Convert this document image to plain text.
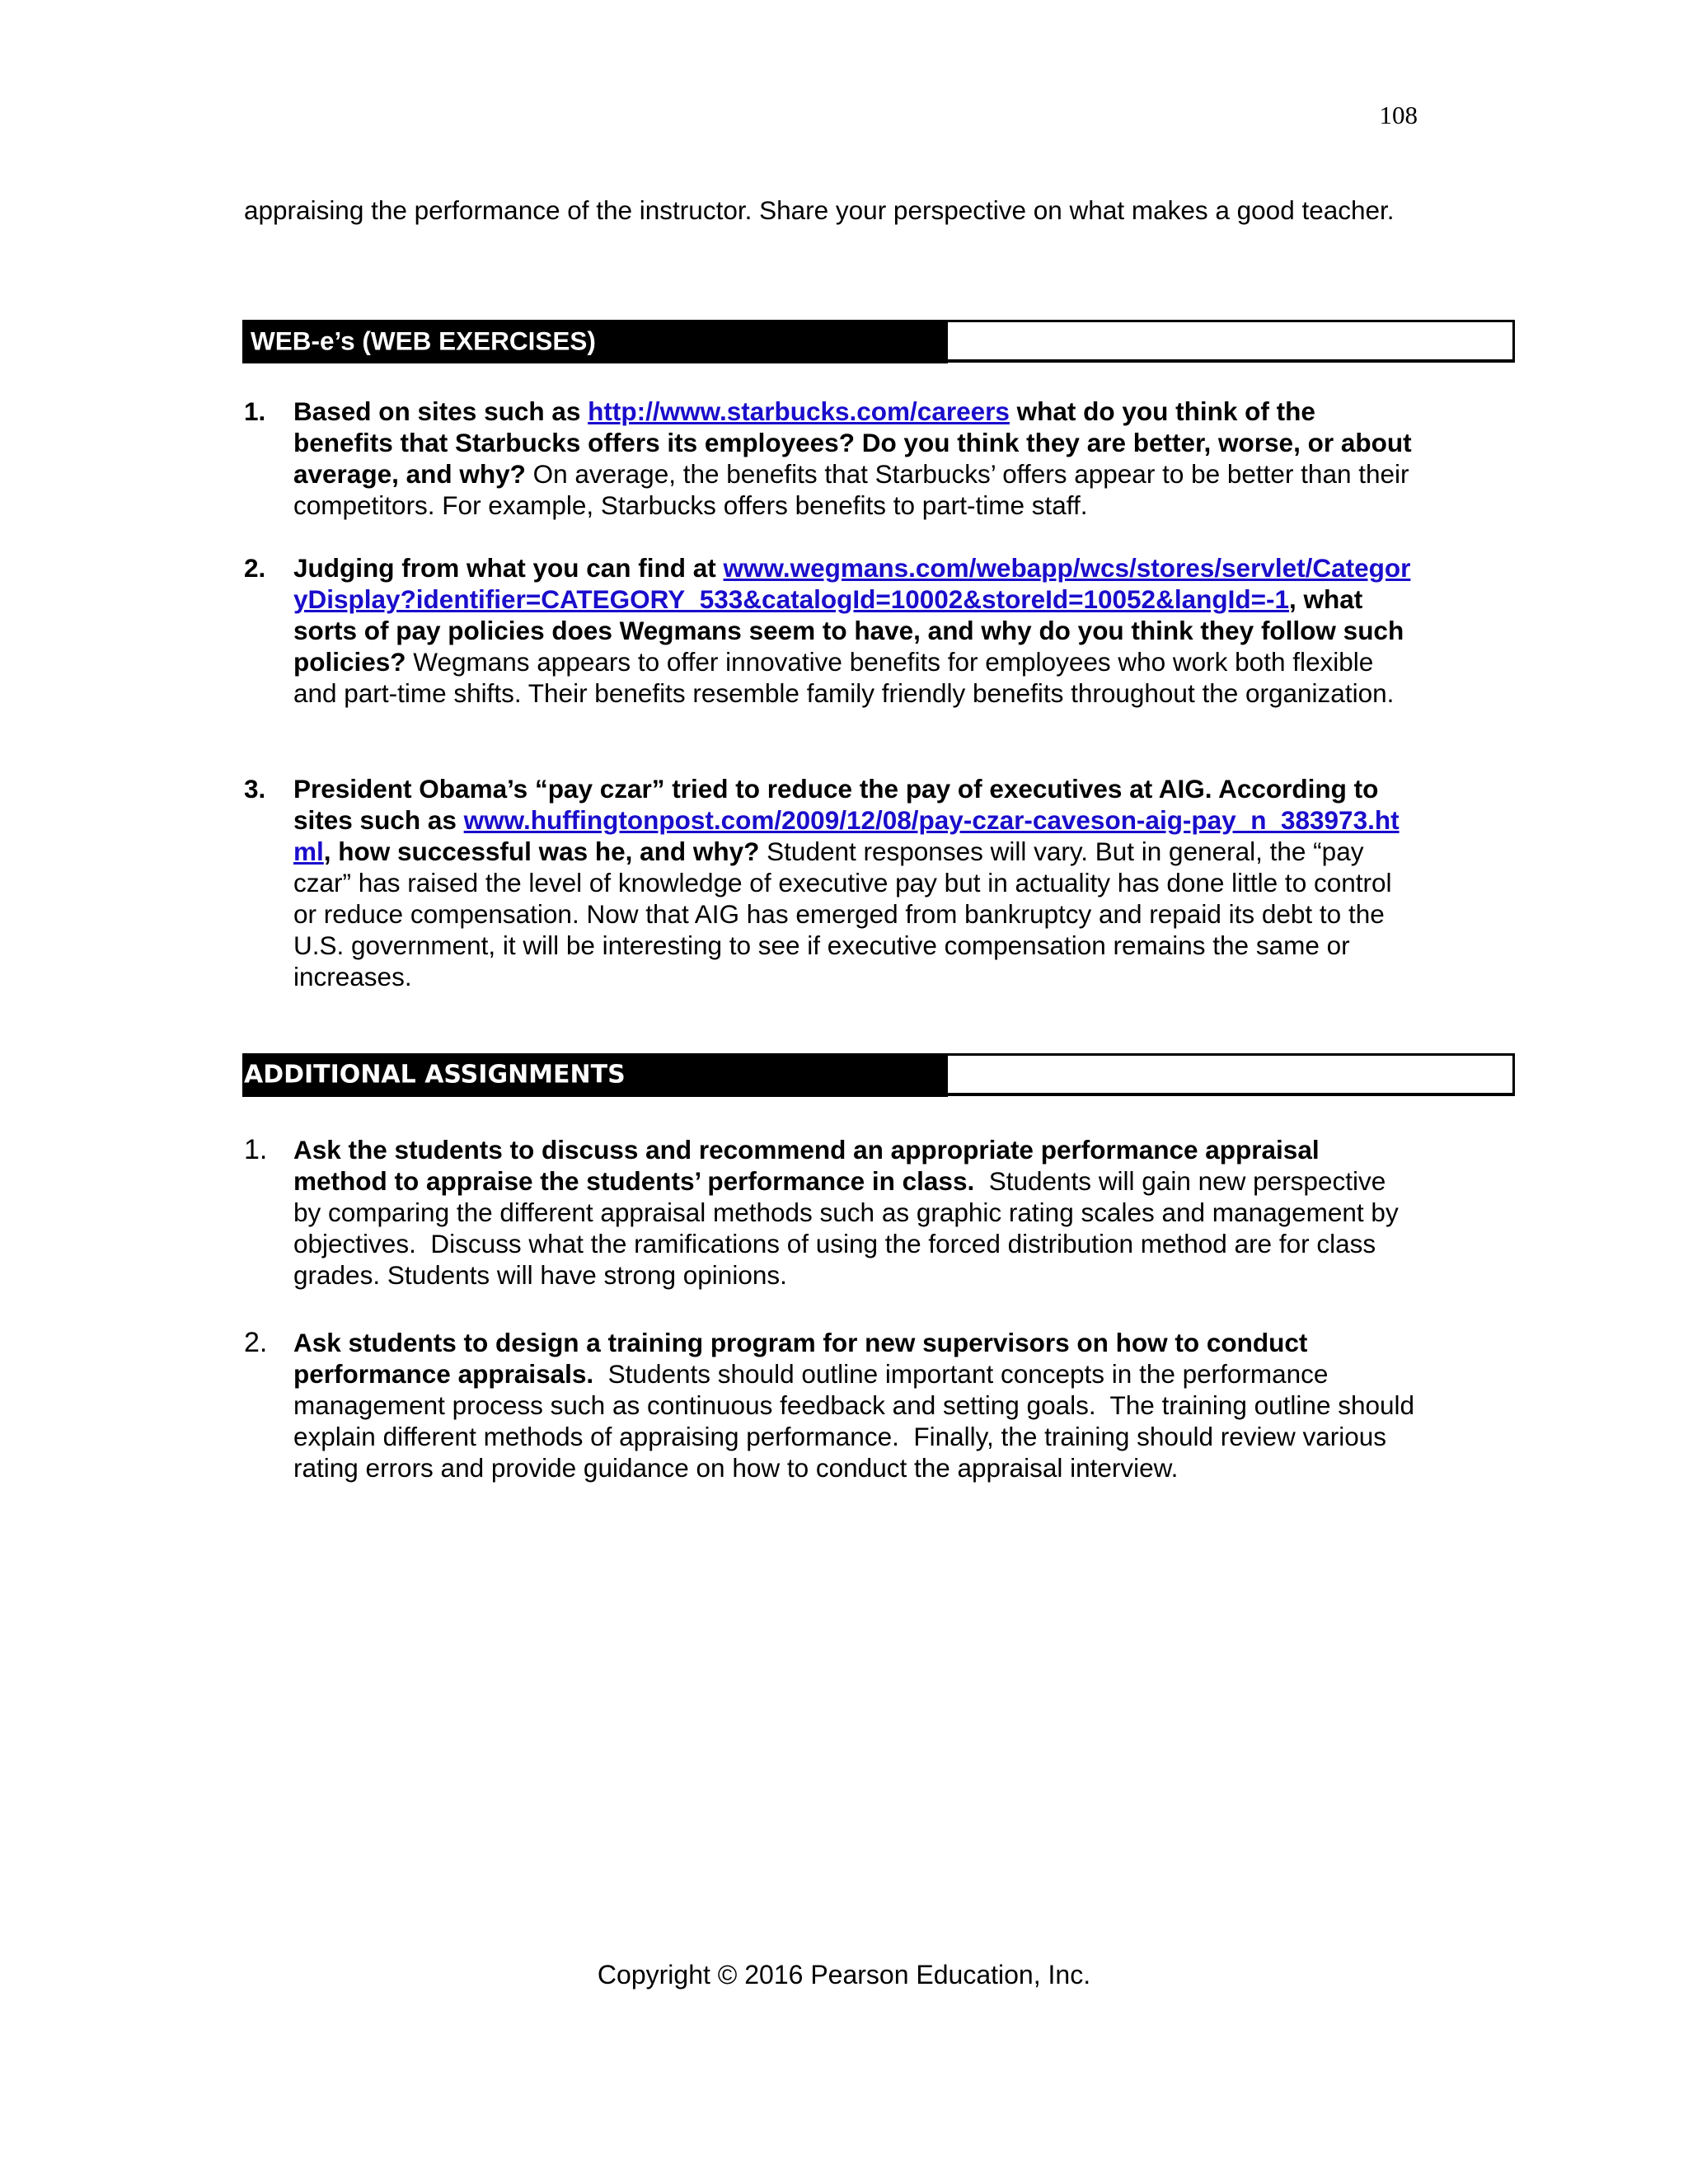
108
appraising the performance of the instructor. Share your perspective on what makes a good teacher.
WEB-e’s (WEB EXERCISES)
1. Based on sites such as http://www.starbucks.com/careers what do you think of the benefits that Starbucks offers its employees? Do you think they are better, worse, or about average, and why? On average, the benefits that Starbucks’ offers appear to be better than their competitors. For example, Starbucks offers benefits to part-time staff.
2. Judging from what you can find at www.wegmans.com/webapp/wcs/stores/servlet/CategoryDisplay?identifier=CATEGORY_533&catalogId=10002&storeId=10052&langId=-1, what sorts of pay policies does Wegmans seem to have, and why do you think they follow such policies? Wegmans appears to offer innovative benefits for employees who work both flexible and part-time shifts. Their benefits resemble family friendly benefits throughout the organization.
3. President Obama’s “pay czar” tried to reduce the pay of executives at AIG. According to sites such as www.huffingtonpost.com/2009/12/08/pay-czar-caveson-aig-pay_n_383973.html, how successful was he, and why? Student responses will vary. But in general, the “pay czar” has raised the level of knowledge of executive pay but in actuality has done little to control or reduce compensation. Now that AIG has emerged from bankruptcy and repaid its debt to the U.S. government, it will be interesting to see if executive compensation remains the same or increases.
ADDITIONAL ASSIGNMENTS
1. Ask the students to discuss and recommend an appropriate performance appraisal method to appraise the students’ performance in class.  Students will gain new perspective by comparing the different appraisal methods such as graphic rating scales and management by objectives.  Discuss what the ramifications of using the forced distribution method are for class grades. Students will have strong opinions.
2. Ask students to design a training program for new supervisors on how to conduct performance appraisals.  Students should outline important concepts in the performance management process such as continuous feedback and setting goals.  The training outline should explain different methods of appraising performance.  Finally, the training should review various rating errors and provide guidance on how to conduct the appraisal interview.
Copyright © 2016 Pearson Education, Inc.
